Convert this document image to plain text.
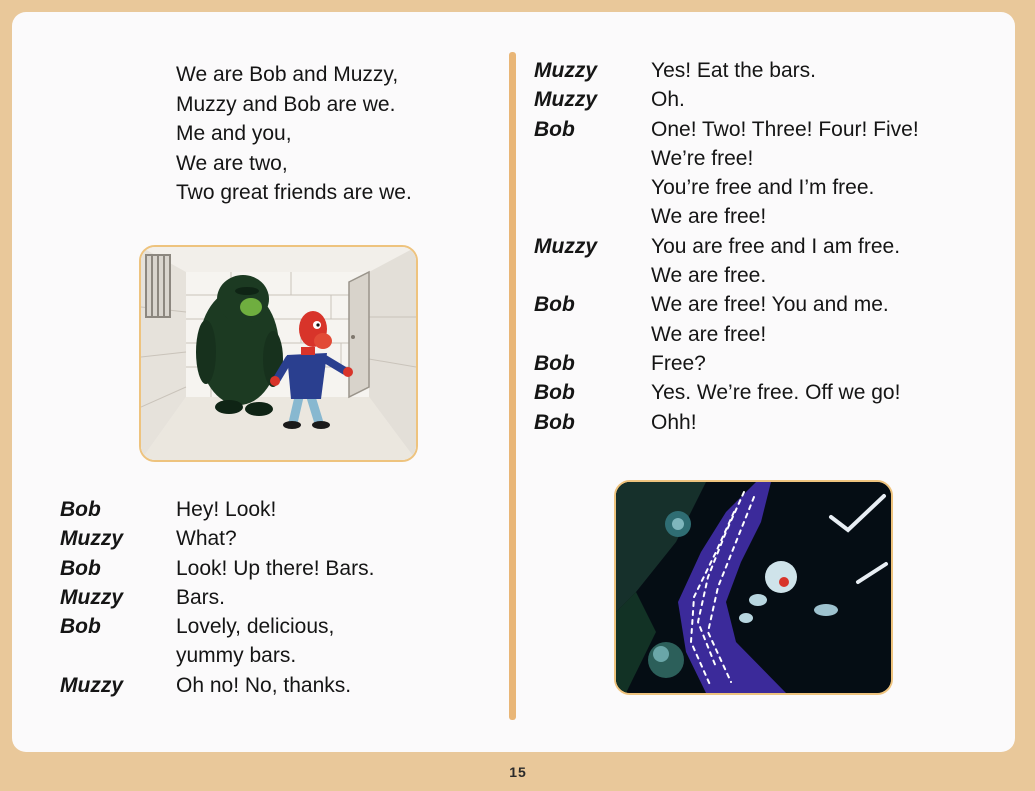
We are Bob and Muzzy,
Muzzy and Bob are we.
Me and you,
We are two,
Two great friends are we.
Bob	Hey! Look!
Muzzy	What?
Bob	Look! Up there! Bars.
Muzzy	Bars.
Bob	Lovely, delicious,
yummy bars.
Muzzy	Oh no! No, thanks.
Muzzy	Yes! Eat the bars.
Muzzy	Oh.
Bob	One! Two! Three! Four! Five!
We’re free!
You’re free and I’m free.
We are free!
Muzzy	You are free and I am free.
We are free.
Bob	We are free! You and me.
We are free!
Bob	Free?
Bob	Yes. We’re free. Off we go!
Bob	Ohh!
15
